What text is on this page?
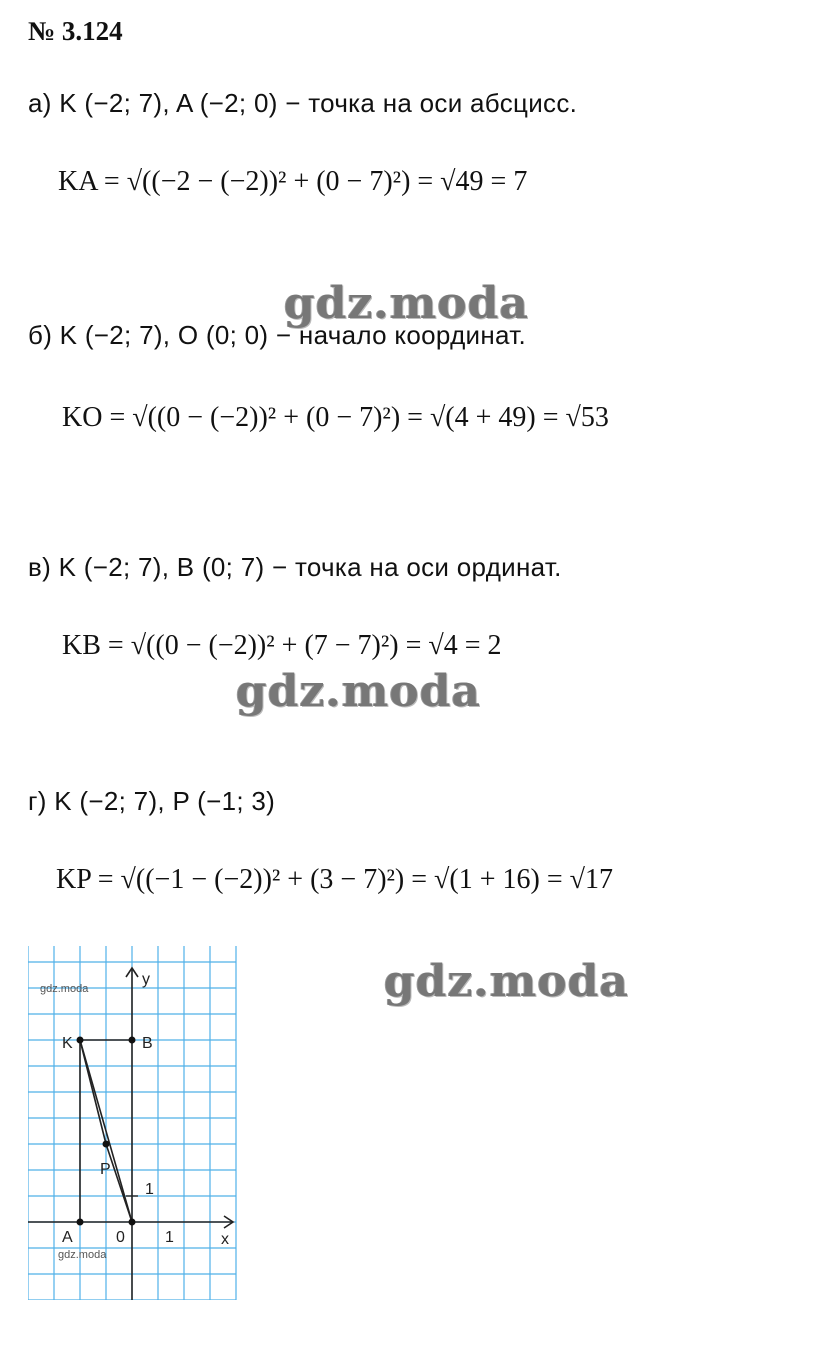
№ 3.124
а) K (−2; 7), A (−2; 0) − точка на оси абсцисс.
KA = √((−2 − (−2))² + (0 − 7)²) = √49 = 7
gdz.moda
б) K (−2; 7), O (0; 0) − начало координат.
KO = √((0 − (−2))² + (0 − 7)²) = √(4 + 49) = √53
в) K (−2; 7), B (0; 7) − точка на оси ординат.
KB = √((0 − (−2))² + (7 − 7)²) = √4 = 2
gdz.moda
г) K (−2; 7), P (−1; 3)
KP = √((−1 − (−2))² + (3 − 7)²) = √(1 + 16) = √17
gdz.moda
gdz.moda
gdz.moda
y
x
0	1
1
K	B
P
A
